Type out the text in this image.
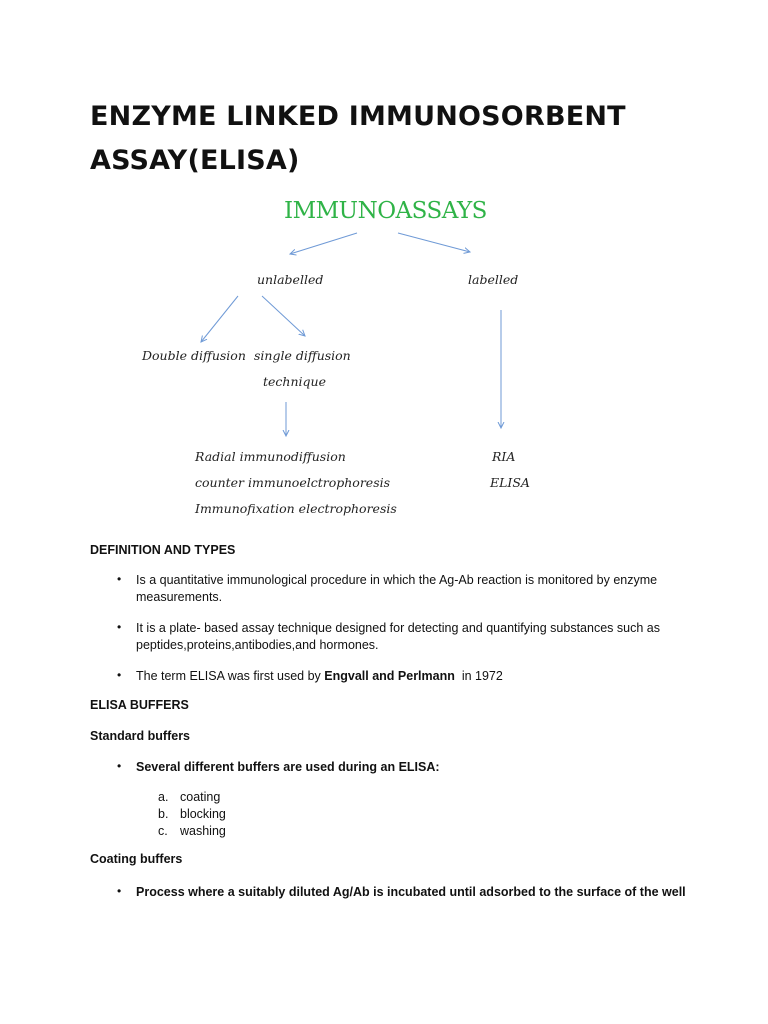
ENZYME LINKED IMMUNOSORBENT
ASSAY(ELISA)
IMMUNOASSAYS
unlabelled	labelled
Double diffusion single diffusion
technique
Radial immunodiffusion
counter immunoelctrophoresis
Immunofixation electrophoresis
RIA
ELISA
DEFINITION AND TYPES
• Is a quantitative immunological procedure in which the Ag-Ab reaction is monitored by enzyme measurements.
• It is a plate- based assay technique designed for detecting and quantifying substances such as peptides,proteins,antibodies,and hormones.
• The term ELISA was first used by Engvall and Perlmann  in 1972
ELISA BUFFERS
Standard buffers
• Several different buffers are used during an ELISA:
a. coating
b. blocking
c. washing
Coating buffers
• Process where a suitably diluted Ag/Ab is incubated until adsorbed to the surface of the well
